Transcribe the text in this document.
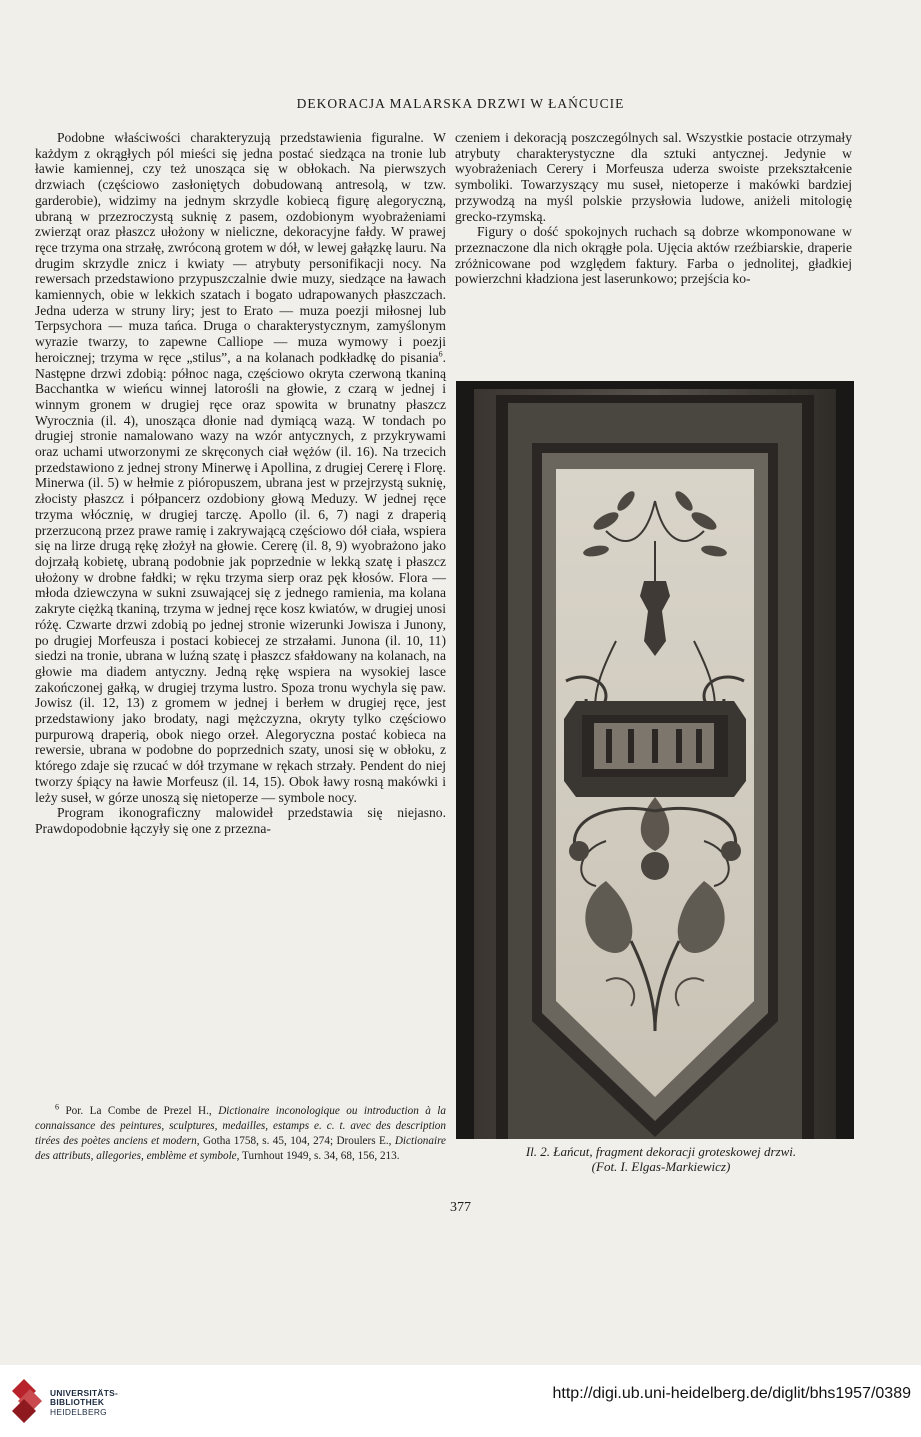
DEKORACJA MALARSKA DRZWI W ŁAŃCUCIE

Podobne właściwości charakteryzują przedstawienia figuralne. W każdym z okrągłych pól mieści się jedna postać siedząca na tronie lub ławie kamiennej, czy też unosząca się w obłokach. Na pierwszych drzwiach (częściowo zasłoniętych dobudowaną antresolą, w tzw. garderobie), widzimy na jednym skrzydle kobiecą figurę alegoryczną, ubraną w przezroczystą suknię z pasem, ozdobionym wyobrażeniami zwierząt oraz płaszcz ułożony w nieliczne, dekoracyjne fałdy. W prawej ręce trzyma ona strzałę, zwróconą grotem w dół, w lewej gałązkę lauru. Na drugim skrzydle znicz i kwiaty — atrybuty personifikacji nocy. Na rewersach przedstawiono przypuszczalnie dwie muzy, siedzące na ławach kamiennych, obie w lekkich szatach i bogato udrapowanych płaszczach. Jedna uderza w struny liry; jest to Erato — muza poezji miłosnej lub Terpsychora — muza tańca. Druga o charakterystycznym, zamyślonym wyrazie twarzy, to zapewne Calliope — muza wymowy i poezji heroicznej; trzyma w ręce „stilus”, a na kolanach podkładkę do pisania$^6$. Następne drzwi zdobią: północ naga, częściowo okryta czerwoną tkaniną Bacchantka w wieńcu winnej latorośli na głowie, z czarą w jednej i winnym gronem w drugiej ręce oraz spowita w brunatny płaszcz Wyrocznia (il. 4), unosząca dłonie nad dymiącą wazą. W tondach po drugiej stronie namalowano wazy na wzór antycznych, z przykrywami oraz uchami utworzonymi ze skręconych ciał wężów (il. 16). Na trzecich przedstawiono z jednej strony Minerwę i Apollina, z drugiej Cererę i Florę. Minerwa (il. 5) w hełmie z pióropuszem, ubrana jest w przejrzystą suknię, złocisty płaszcz i półpancerz ozdobiony głową Meduzy. W jednej ręce trzyma włócznię, w drugiej tarczę. Apollo (il. 6, 7) nagi z draperią przerzuconą przez prawe ramię i zakrywającą częściowo dół ciała, wspiera się na lirze drugą rękę złożył na głowie. Cererę (il. 8, 9) wyobrażono jako dojrzałą kobietę, ubraną podobnie jak poprzednie w lekką szatę i płaszcz ułożony w drobne fałdki; w ręku trzyma sierp oraz pęk kłosów. Flora — młoda dziewczyna w sukni zsuwającej się z jednego ramienia, ma kolana zakryte ciężką tkaniną, trzyma w jednej ręce kosz kwiatów, w drugiej unosi różę. Czwarte drzwi zdobią po jednej stronie wizerunki Jowisza i Junony, po drugiej Morfeusza i postaci kobiecej ze strzałami. Junona (il. 10, 11) siedzi na tronie, ubrana w luźną szatę i płaszcz sfałdowany na kolanach, na głowie ma diadem antyczny. Jedną rękę wspiera na wysokiej lasce zakończonej gałką, w drugiej trzyma lustro. Spoza tronu wychyla się paw. Jowisz (il. 12, 13) z gromem w jednej i berłem w drugiej ręce, jest przedstawiony jako brodaty, nagi mężczyzna, okryty tylko częściowo purpurową draperią, obok niego orzeł. Alegoryczna postać kobieca na rewersie, ubrana w podobne do poprzednich szaty, unosi się w obłoku, z którego zdaje się rzucać w dół trzymane w rękach strzały. Pendent do niej tworzy śpiący na ławie Morfeusz (il. 14, 15). Obok ławy rosną makówki i leży suseł, w górze unoszą się nietoperze — symbole nocy.

Program ikonograficzny malowideł przedstawia się niejasno. Prawdopodobnie łączyły się one z przezna-

czeniem i dekoracją poszczególnych sal. Wszystkie postacie otrzymały atrybuty charakterystyczne dla sztuki antycznej. Jedynie w wyobrażeniach Cerery i Morfeusza uderza swoiste przekształcenie symboliki. Towarzyszący mu suseł, nietoperze i makówki bardziej przywodzą na myśl polskie przysłowia ludowe, aniżeli mitologię grecko-rzymską.

Figury o dość spokojnych ruchach są dobrze wkomponowane w przeznaczone dla nich okrągłe pola. Ujęcia aktów rzeźbiarskie, draperie zróżnicowane pod względem faktury. Farba o jednolitej, gładkiej powierzchni kładziona jest laserunkowo; przejścia ko-

$^6$ Por. La Combe de Prezel H., Dictionaire inconologique ou introduction à la connaissance des peintures, sculptures, medailles, estamps e. c. t. avec des description tirées des poètes anciens et modern, Gotha 1758, s. 45, 104, 274; Droulers E., Dictionaire des attributs, allegories, emblème et symbole, Turnhout 1949, s. 34, 68, 156, 213.	Il. 2. Łańcut, fragment dekoracji groteskowej drzwi.
(Fot. I. Elgas-Markiewicz)
377
UNIVERSITÄTS-
BIBLIOTHEK
HEIDELBERG
http://digi.ub.uni-heidelberg.de/diglit/bhs1957/0389
